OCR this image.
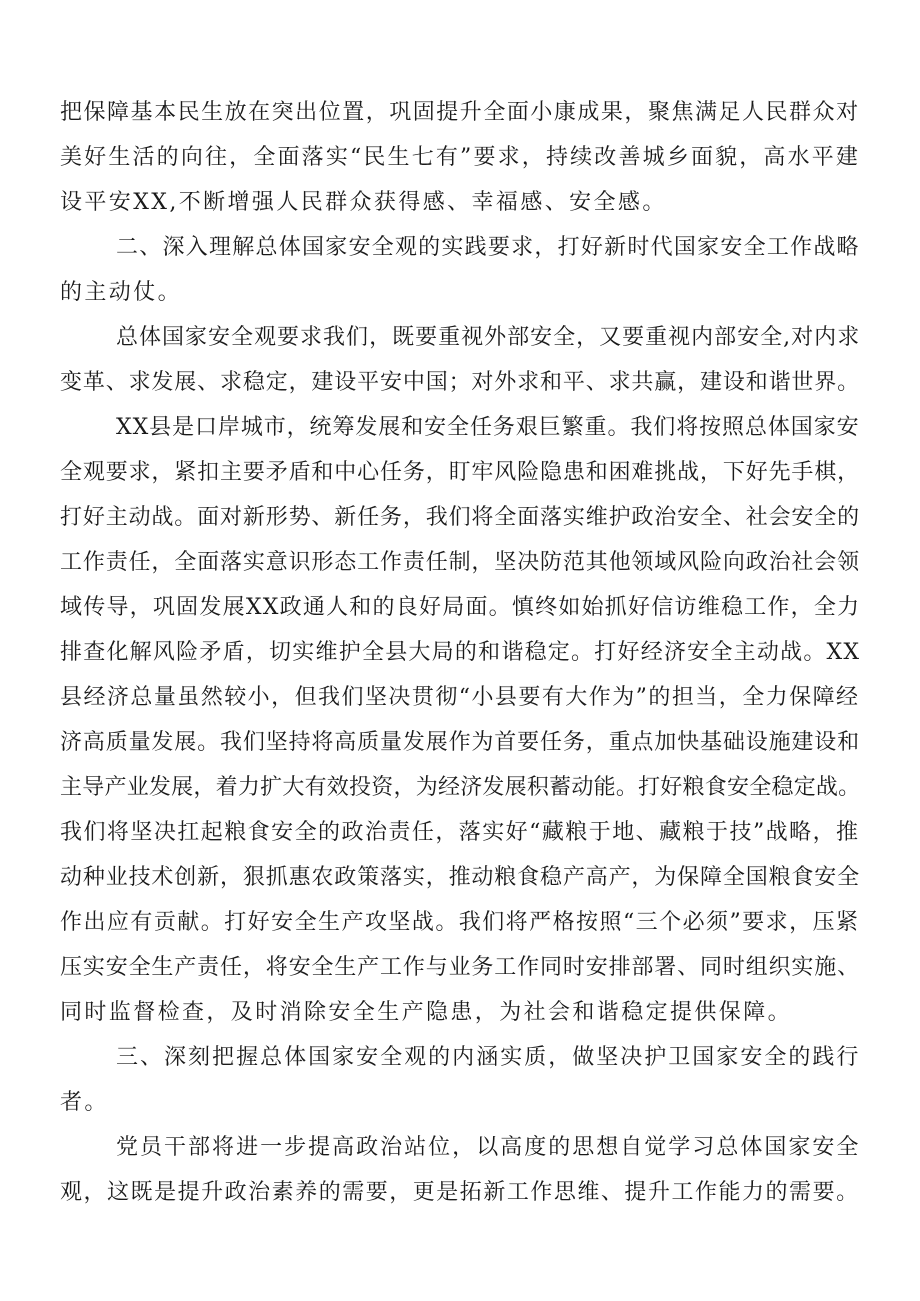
把保障基本民生放在突出位置，巩固提升全面小康成果，聚焦满足人民群众对

美好生活的向往，全面落实“民生七有”要求，持续改善城乡面貌，高水平建

设平安XX,不断增强人民群众获得感、幸福感、安全感。

二、深入理解总体国家安全观的实践要求，打好新时代国家安全工作战略

的主动仗。

总体国家安全观要求我们，既要重视外部安全，又要重视内部安全,对内求

变革、求发展、求稳定，建设平安中国；对外求和平、求共赢，建设和谐世界。

XX县是口岸城市，统筹发展和安全任务艰巨繁重。我们将按照总体国家安

全观要求，紧扣主要矛盾和中心任务，盯牢风险隐患和困难挑战，下好先手棋，

打好主动战。面对新形势、新任务，我们将全面落实维护政治安全、社会安全的

工作责任，全面落实意识形态工作责任制，坚决防范其他领域风险向政治社会领

域传导，巩固发展XX政通人和的良好局面。慎终如始抓好信访维稳工作，全力

排查化解风险矛盾，切实维护全县大局的和谐稳定。打好经济安全主动战。XX

县经济总量虽然较小，但我们坚决贯彻“小县要有大作为”的担当，全力保障经

济高质量发展。我们坚持将高质量发展作为首要任务，重点加快基础设施建设和

主导产业发展，着力扩大有效投资，为经济发展积蓄动能。打好粮食安全稳定战。

我们将坚决扛起粮食安全的政治责任，落实好“藏粮于地、藏粮于技”战略，推

动种业技术创新，狠抓惠农政策落实，推动粮食稳产高产，为保障全国粮食安全

作出应有贡献。打好安全生产攻坚战。我们将严格按照“三个必须”要求，压紧

压实安全生产责任，将安全生产工作与业务工作同时安排部署、同时组织实施、

同时监督检查，及时消除安全生产隐患，为社会和谐稳定提供保障。

三、深刻把握总体国家安全观的内涵实质，做坚决护卫国家安全的践行

者。

党员干部将进一步提高政治站位，以高度的思想自觉学习总体国家安全

观，这既是提升政治素养的需要，更是拓新工作思维、提升工作能力的需要。
